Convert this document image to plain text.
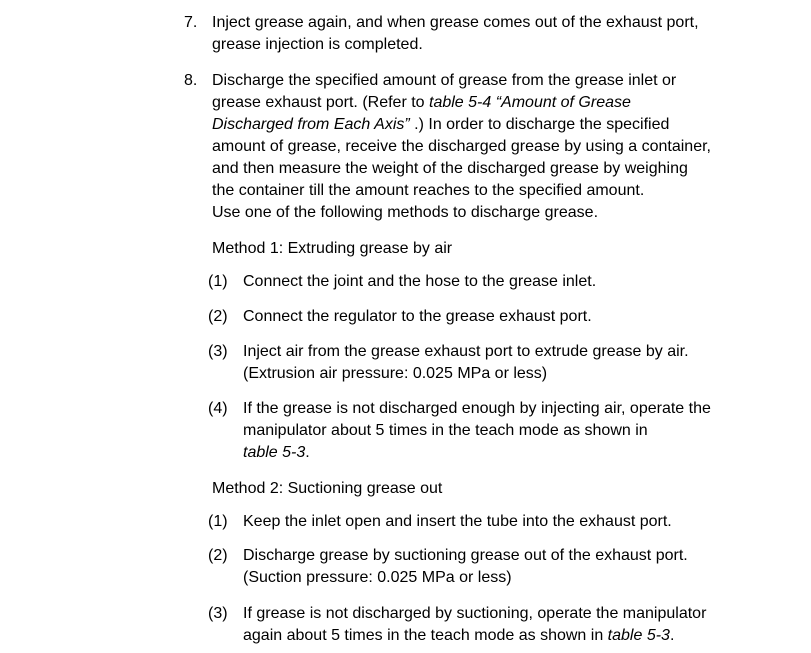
7. Inject grease again, and when grease comes out of the exhaust port,
grease injection is completed.
8. Discharge the specified amount of grease from the grease inlet or
grease exhaust port. (Refer to table 5-4 “Amount of Grease
Discharged from Each Axis” .) In order to discharge the specified
amount of grease, receive the discharged grease by using a container,
and then measure the weight of the discharged grease by weighing
the container till the amount reaches to the specified amount.
Use one of the following methods to discharge grease.
Method 1: Extruding grease by air
(1) Connect the joint and the hose to the grease inlet.
(2) Connect the regulator to the grease exhaust port.
(3) Inject air from the grease exhaust port to extrude grease by air.
(Extrusion air pressure: 0.025 MPa or less)
(4) If the grease is not discharged enough by injecting air, operate the
manipulator about 5 times in the teach mode as shown in
table 5-3.
Method 2: Suctioning grease out
(1) Keep the inlet open and insert the tube into the exhaust port.
(2) Discharge grease by suctioning grease out of the exhaust port.
(Suction pressure: 0.025 MPa or less)
(3) If grease is not discharged by suctioning, operate the manipulator
again about 5 times in the teach mode as shown in table 5-3.
